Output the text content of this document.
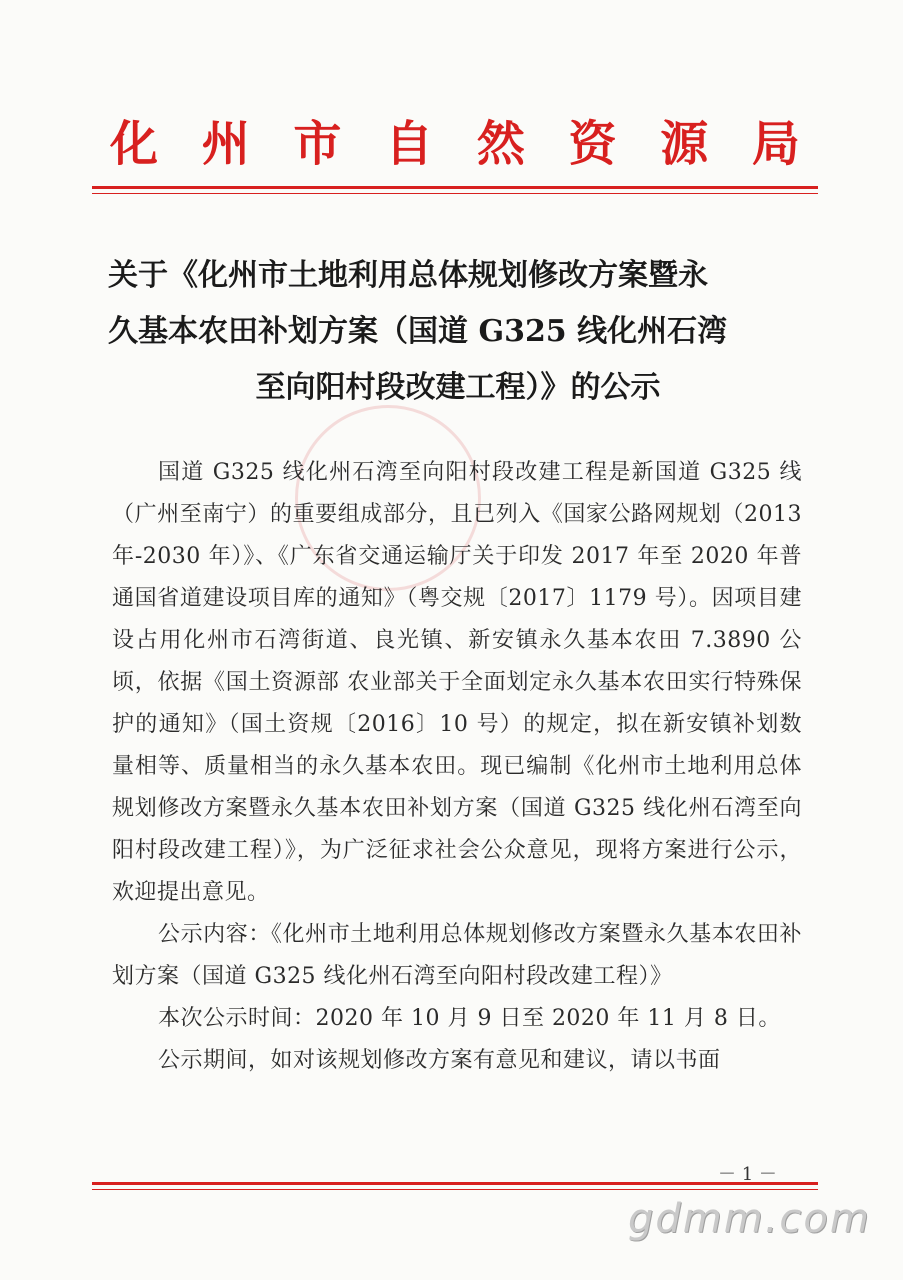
化 州 市 自 然 资 源 局
关于《化州市土地利用总体规划修改方案暨永
久基本农田补划方案（国道 G325 线化州石湾

至向阳村段改建工程）》的公示

国道 G325 线化州石湾至向阳村段改建工程是新国道 G325 线（广州至南宁）的重要组成部分，且已列入《国家公路网规划（2013 年-2030 年）》、《广东省交通运输厅关于印发 2017 年至 2020 年普通国省道建设项目库的通知》（粤交规〔2017〕1179 号）。因项目建设占用化州市石湾街道、良光镇、新安镇永久基本农田 7.3890 公顷，依据《国土资源部 农业部关于全面划定永久基本农田实行特殊保护的通知》（国土资规〔2016〕10 号）的规定，拟在新安镇补划数量相等、质量相当的永久基本农田。现已编制《化州市土地利用总体规划修改方案暨永久基本农田补划方案（国道 G325 线化州石湾至向阳村段改建工程）》，为广泛征求社会公众意见，现将方案进行公示，欢迎提出意见。

公示内容：《化州市土地利用总体规划修改方案暨永久基本农田补划方案（国道 G325 线化州石湾至向阳村段改建工程）》

本次公示时间：2020 年 10 月 9 日至 2020 年 11 月 8 日。

公示期间，如对该规划修改方案有意见和建议，请以书面

－ 1 －
gdmm.com
